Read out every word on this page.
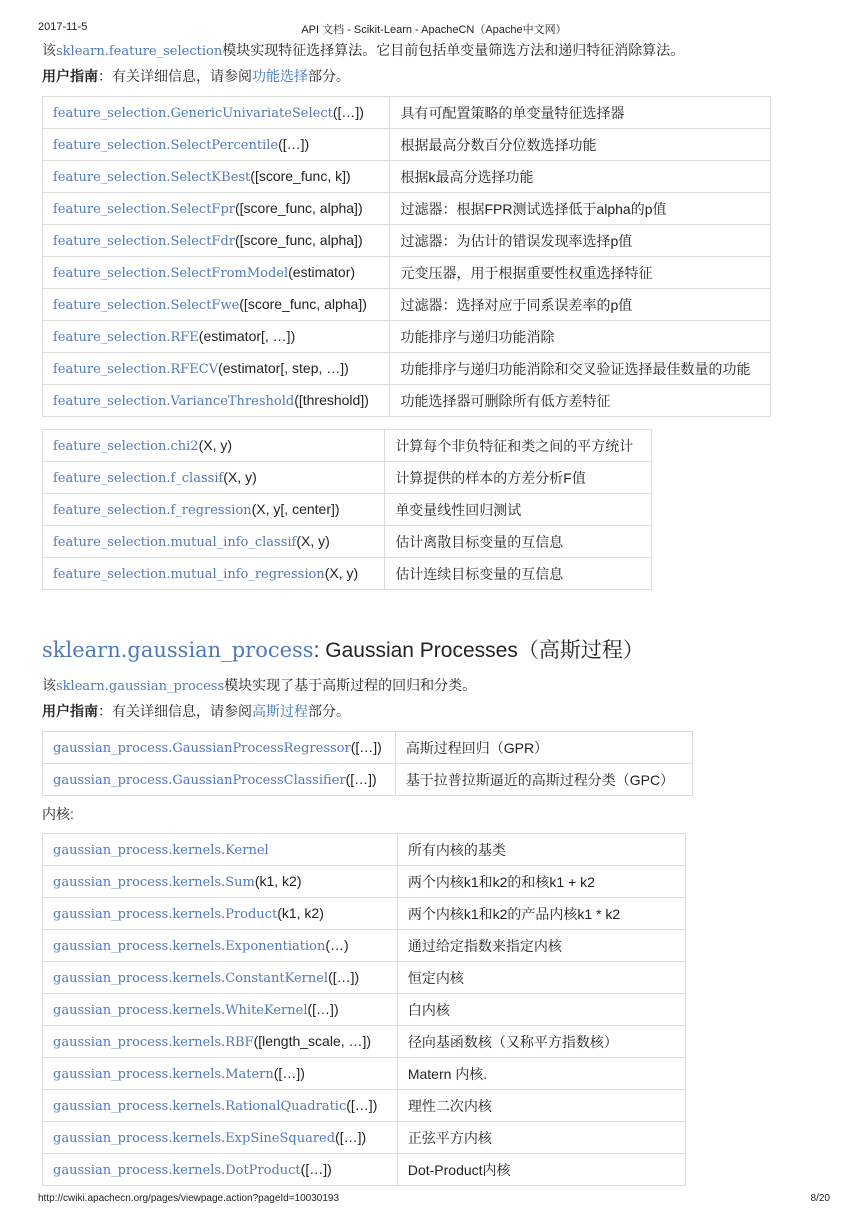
2017-11-5	API 文档 - Scikit-Learn - ApacheCN（Apache中文网）
该sklearn.feature_selection模块实现特征选择算法。它目前包括单变量筛选方法和递归特征消除算法。
用户指南：有关详细信息，请参阅功能选择部分。
feature_selection.GenericUnivariateSelect([…])	具有可配置策略的单变量特征选择器
feature_selection.SelectPercentile([…])	根据最高分数百分位数选择功能
feature_selection.SelectKBest([score_func, k])	根据k最高分选择功能
feature_selection.SelectFpr([score_func, alpha])	过滤器：根据FPR测试选择低于alpha的p值
feature_selection.SelectFdr([score_func, alpha])	过滤器：为估计的错误发现率选择p值
feature_selection.SelectFromModel(estimator)	元变压器，用于根据重要性权重选择特征
feature_selection.SelectFwe([score_func, alpha])	过滤器：选择对应于同系误差率的p值
feature_selection.RFE(estimator[, …])	功能排序与递归功能消除
feature_selection.RFECV(estimator[, step, …])	功能排序与递归功能消除和交叉验证选择最佳数量的功能
feature_selection.VarianceThreshold([threshold])	功能选择器可删除所有低方差特征
feature_selection.chi2(X, y)	计算每个非负特征和类之间的平方统计
feature_selection.f_classif(X, y)	计算提供的样本的方差分析F值
feature_selection.f_regression(X, y[, center])	单变量线性回归测试
feature_selection.mutual_info_classif(X, y)	估计离散目标变量的互信息
feature_selection.mutual_info_regression(X, y)	估计连续目标变量的互信息
sklearn.gaussian_process: Gaussian Processes（高斯过程）
该sklearn.gaussian_process模块实现了基于高斯过程的回归和分类。
用户指南：有关详细信息，请参阅高斯过程部分。
gaussian_process.GaussianProcessRegressor([…])	高斯过程回归（GPR）
gaussian_process.GaussianProcessClassifier([…])	基于拉普拉斯逼近的高斯过程分类（GPC）
内核:
gaussian_process.kernels.Kernel	所有内核的基类
gaussian_process.kernels.Sum(k1, k2)	两个内核k1和k2的和核k1 + k2
gaussian_process.kernels.Product(k1, k2)	两个内核k1和k2的产品内核k1 * k2
gaussian_process.kernels.Exponentiation(…)	通过给定指数来指定内核
gaussian_process.kernels.ConstantKernel([…])	恒定内核
gaussian_process.kernels.WhiteKernel([…])	白内核
gaussian_process.kernels.RBF([length_scale, …])	径向基函数核（又称平方指数核）
gaussian_process.kernels.Matern([…])	Matern 内核.
gaussian_process.kernels.RationalQuadratic([…])	理性二次内核
gaussian_process.kernels.ExpSineSquared([…])	正弦平方内核
gaussian_process.kernels.DotProduct([…])	Dot-Product内核
http://cwiki.apachecn.org/pages/viewpage.action?pageId=10030193	8/20
